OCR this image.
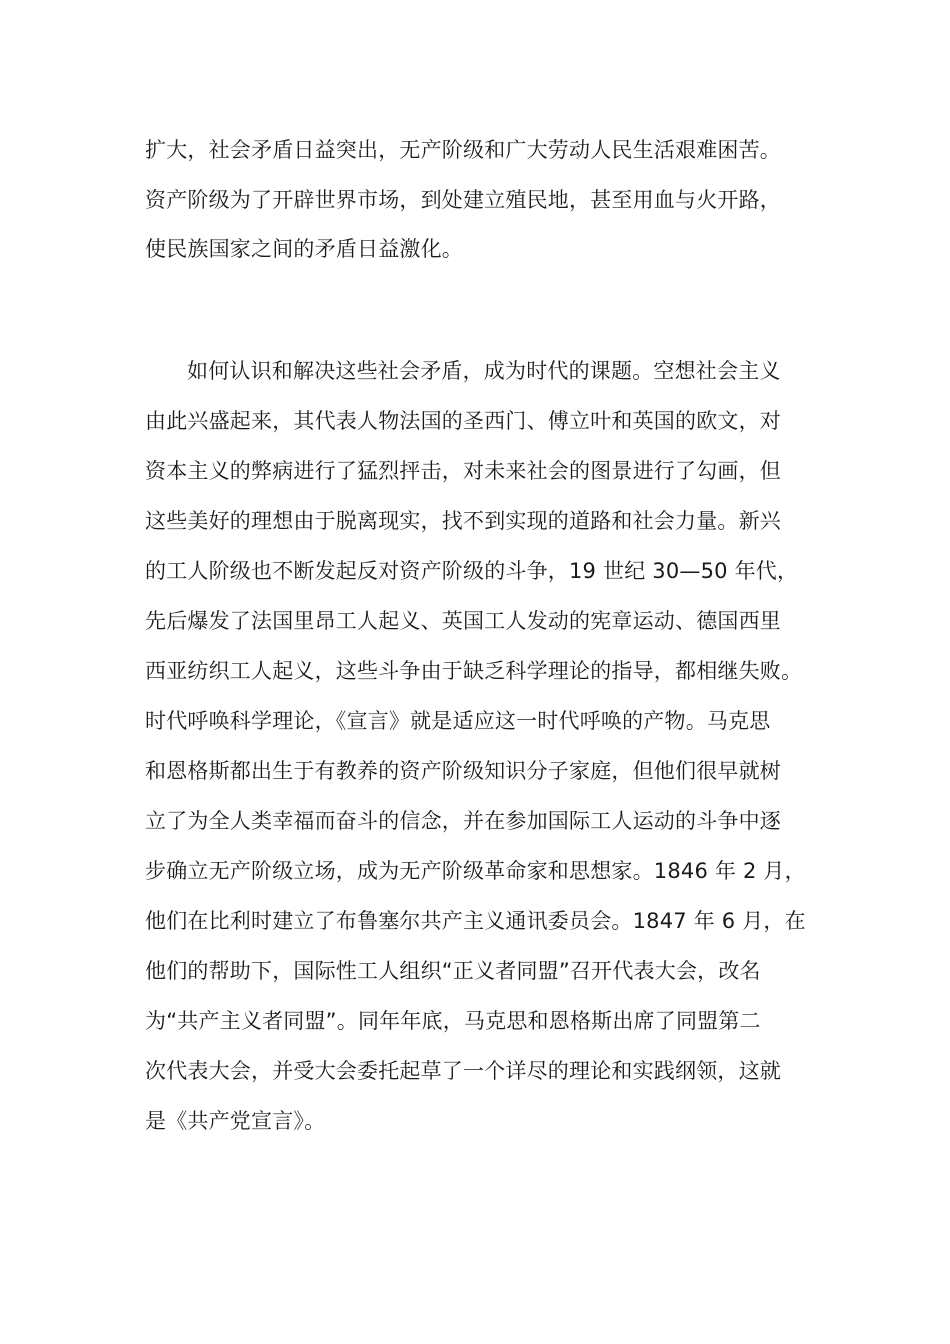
扩大，社会矛盾日益突出，无产阶级和广大劳动人民生活艰难困苦。
资产阶级为了开辟世界市场，到处建立殖民地，甚至用血与火开路，
使民族国家之间的矛盾日益激化。
如何认识和解决这些社会矛盾，成为时代的课题。空想社会主义
由此兴盛起来，其代表人物法国的圣西门、傅立叶和英国的欧文，对
资本主义的弊病进行了猛烈抨击，对未来社会的图景进行了勾画，但
这些美好的理想由于脱离现实，找不到实现的道路和社会力量。新兴
的工人阶级也不断发起反对资产阶级的斗争，19 世纪 30—50 年代，
先后爆发了法国里昂工人起义、英国工人发动的宪章运动、德国西里
西亚纺织工人起义，这些斗争由于缺乏科学理论的指导，都相继失败。
时代呼唤科学理论，《宣言》就是适应这一时代呼唤的产物。马克思
和恩格斯都出生于有教养的资产阶级知识分子家庭，但他们很早就树
立了为全人类幸福而奋斗的信念，并在参加国际工人运动的斗争中逐
步确立无产阶级立场，成为无产阶级革命家和思想家。1846 年 2 月，
他们在比利时建立了布鲁塞尔共产主义通讯委员会。1847 年 6 月，在
他们的帮助下，国际性工人组织“正义者同盟”召开代表大会，改名
为“共产主义者同盟”。同年年底，马克思和恩格斯出席了同盟第二
次代表大会，并受大会委托起草了一个详尽的理论和实践纲领，这就
是《共产党宣言》。
